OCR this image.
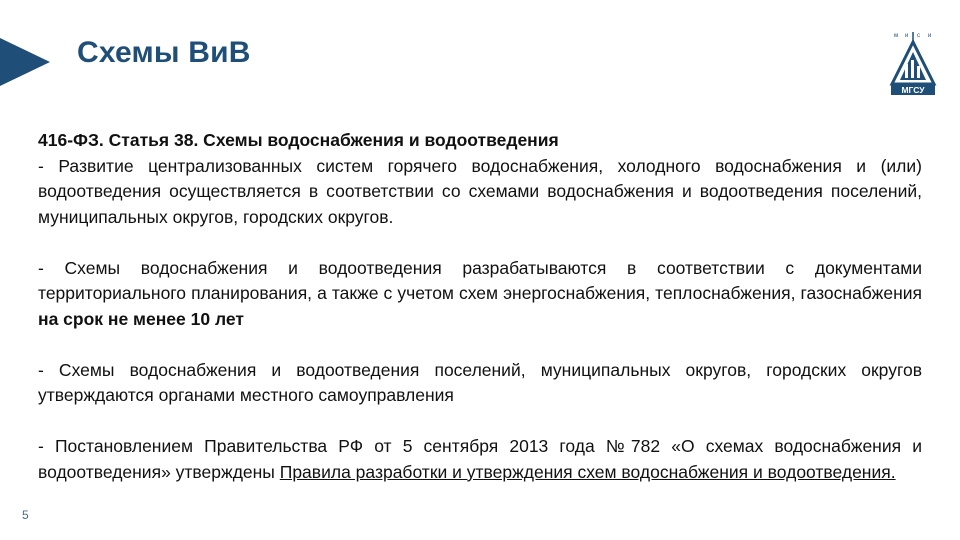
Схемы ВиВ	м и с и
МГСУ
416-ФЗ. Статья 38. Схемы водоснабжения и водоотведения
- Развитие централизованных систем горячего водоснабжения, холодного водоснабжения и (или) водоотведения осуществляется в соответствии со схемами водоснабжения и водоотведения поселений, муниципальных округов, городских округов.
- Схемы водоснабжения и водоотведения разрабатываются в соответствии с документами территориального планирования, а также с учетом схем энергоснабжения, теплоснабжения, газоснабжения на срок не менее 10 лет
- Схемы водоснабжения и водоотведения поселений, муниципальных округов, городских округов утверждаются органами местного самоуправления
- Постановлением Правительства РФ от 5 сентября 2013 года №782 «О схемах водоснабжения и водоотведения» утверждены Правила разработки и утверждения схем водоснабжения и водоотведения.
5
